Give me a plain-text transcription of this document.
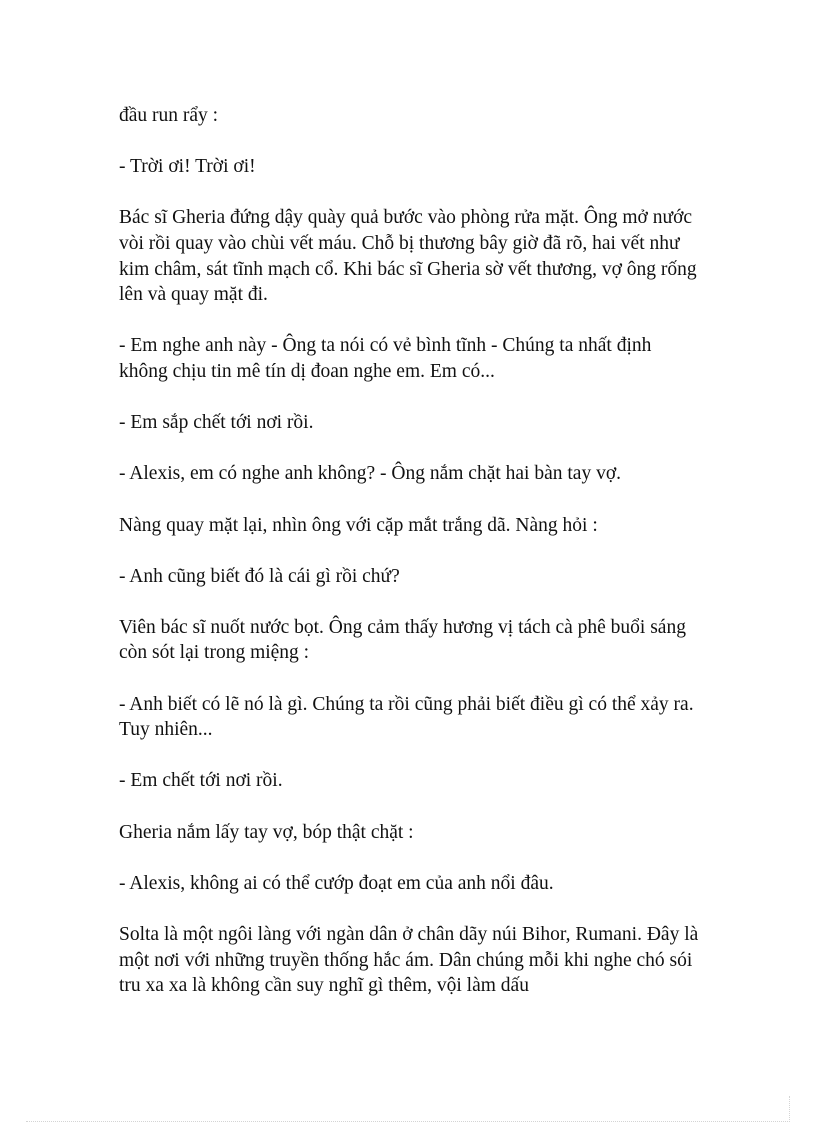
đầu run rẩy :

- Trời ơi! Trời ơi!

Bác sĩ Gheria đứng dậy quày quả bước vào phòng rửa mặt. Ông mở nước vòi rồi quay vào chùi vết máu. Chỗ bị thương bây giờ đã rõ, hai vết như kim châm, sát tĩnh mạch cổ. Khi bác sĩ Gheria sờ vết thương, vợ ông rống lên và quay mặt đi.

- Em nghe anh này - Ông ta nói có vẻ bình tĩnh - Chúng ta nhất định không chịu tin mê tín dị đoan nghe em. Em có...

- Em sắp chết tới nơi rồi.

- Alexis, em có nghe anh không? - Ông nắm chặt hai bàn tay vợ.

Nàng quay mặt lại, nhìn ông với cặp mắt trắng dã. Nàng hỏi :

- Anh cũng biết đó là cái gì rồi chứ?

Viên bác sĩ nuốt nước bọt. Ông cảm thấy hương vị tách cà phê buổi sáng còn sót lại trong miệng :

- Anh biết có lẽ nó là gì. Chúng ta rồi cũng phải biết điều gì có thể xảy ra. Tuy nhiên...

- Em chết tới nơi rồi.

Gheria nắm lấy tay vợ, bóp thật chặt :

- Alexis, không ai có thể cướp đoạt em của anh nổi đâu.

Solta là một ngôi làng với ngàn dân ở chân dãy núi Bihor, Rumani. Đây là một nơi với những truyền thống hắc ám. Dân chúng mỗi khi nghe chó sói tru xa xa là không cần suy nghĩ gì thêm, vội làm dấu
